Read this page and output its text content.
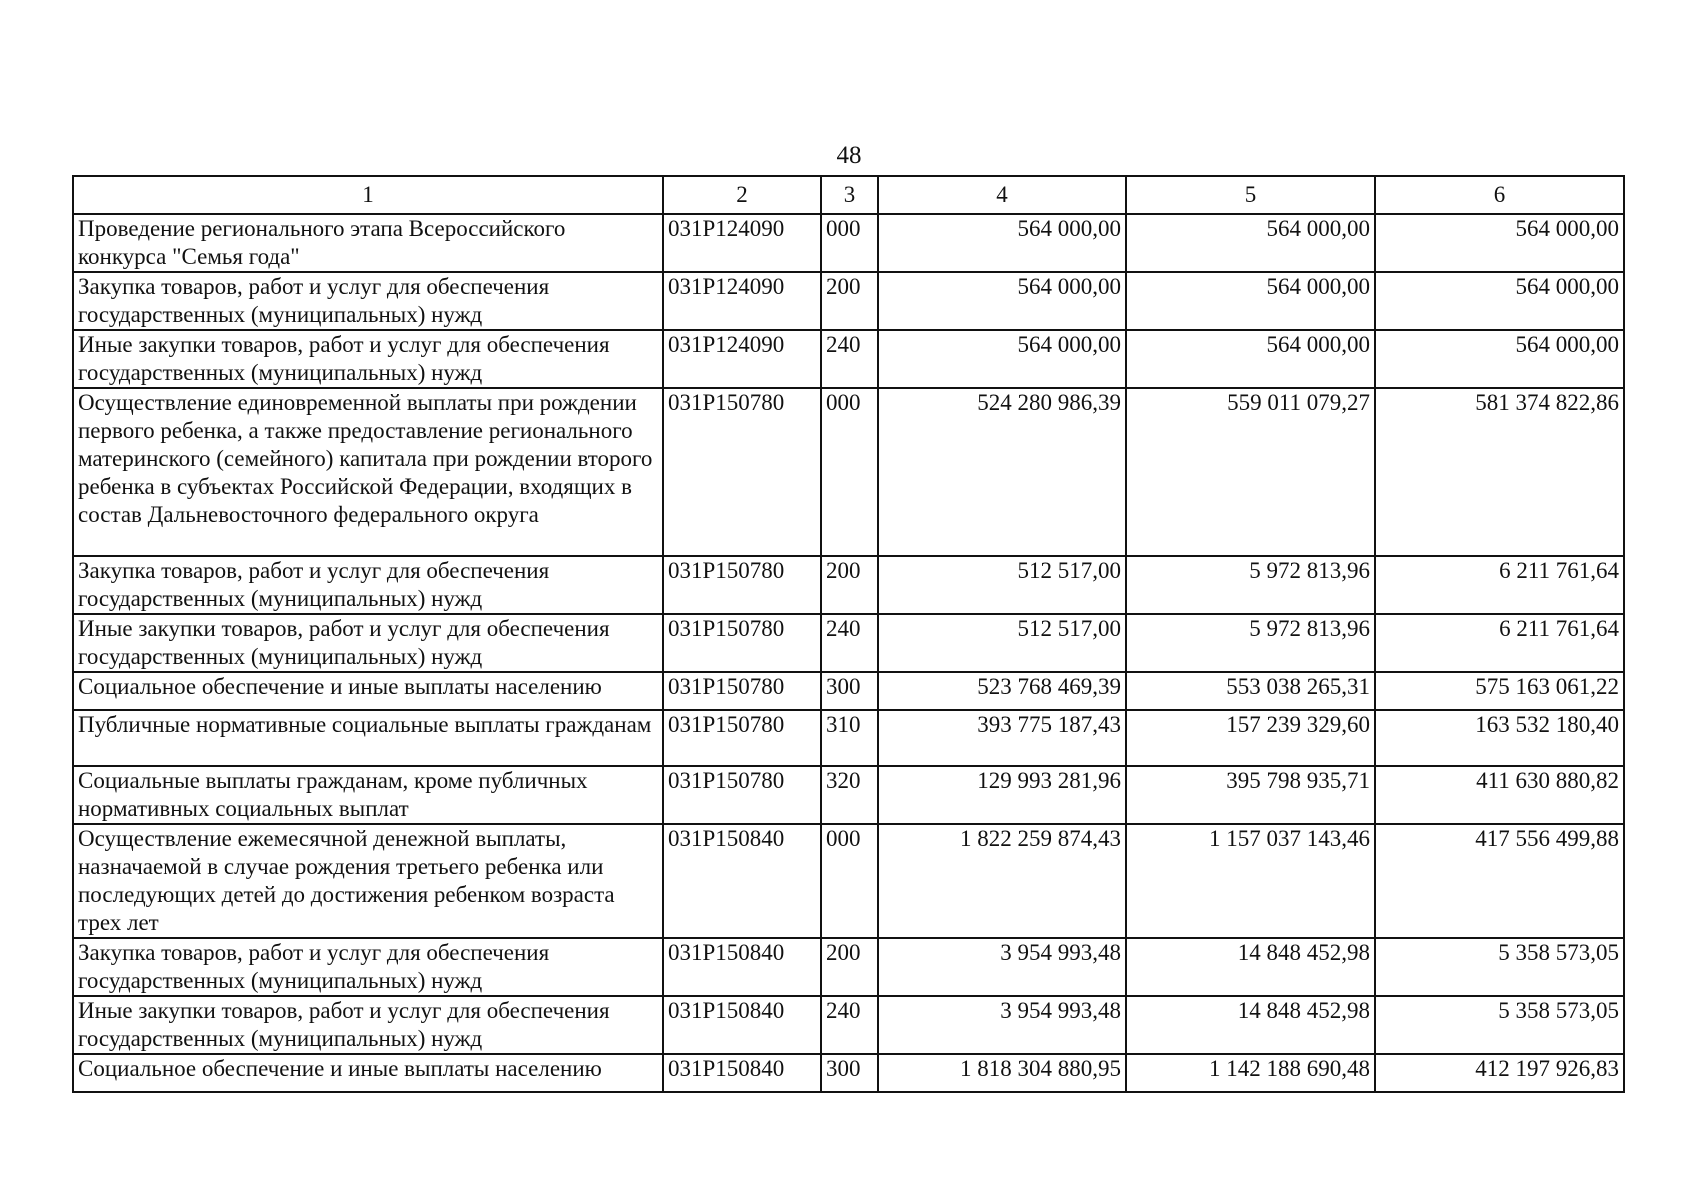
48
1	2	3	4	5	6
Проведение регионального этапа Всероссийского конкурса "Семья года"	031P124090	000	564 000,00	564 000,00	564 000,00
Закупка товаров, работ и услуг для обеспечения государственных (муниципальных) нужд	031P124090	200	564 000,00	564 000,00	564 000,00
Иные закупки товаров, работ и услуг для обеспечения государственных (муниципальных) нужд	031P124090	240	564 000,00	564 000,00	564 000,00
Осуществление единовременной выплаты при рождении первого ребенка, а также предоставление регионального материнского (семейного) капитала при рождении второго ребенка в субъектах Российской Федерации, входящих в состав Дальневосточного федерального округа	031P150780	000	524 280 986,39	559 011 079,27	581 374 822,86
Закупка товаров, работ и услуг для обеспечения государственных (муниципальных) нужд	031P150780	200	512 517,00	5 972 813,96	6 211 761,64
Иные закупки товаров, работ и услуг для обеспечения государственных (муниципальных) нужд	031P150780	240	512 517,00	5 972 813,96	6 211 761,64
Социальное обеспечение и иные выплаты населению	031P150780	300	523 768 469,39	553 038 265,31	575 163 061,22
Публичные нормативные социальные выплаты гражданам	031P150780	310	393 775 187,43	157 239 329,60	163 532 180,40
Социальные выплаты гражданам, кроме публичных нормативных социальных выплат	031P150780	320	129 993 281,96	395 798 935,71	411 630 880,82
Осуществление ежемесячной денежной выплаты, назначаемой в случае рождения третьего ребенка или последующих детей до достижения ребенком возраста трех лет	031P150840	000	1 822 259 874,43	1 157 037 143,46	417 556 499,88
Закупка товаров, работ и услуг для обеспечения государственных (муниципальных) нужд	031P150840	200	3 954 993,48	14 848 452,98	5 358 573,05
Иные закупки товаров, работ и услуг для обеспечения государственных (муниципальных) нужд	031P150840	240	3 954 993,48	14 848 452,98	5 358 573,05
Социальное обеспечение и иные выплаты населению	031P150840	300	1 818 304 880,95	1 142 188 690,48	412 197 926,83
